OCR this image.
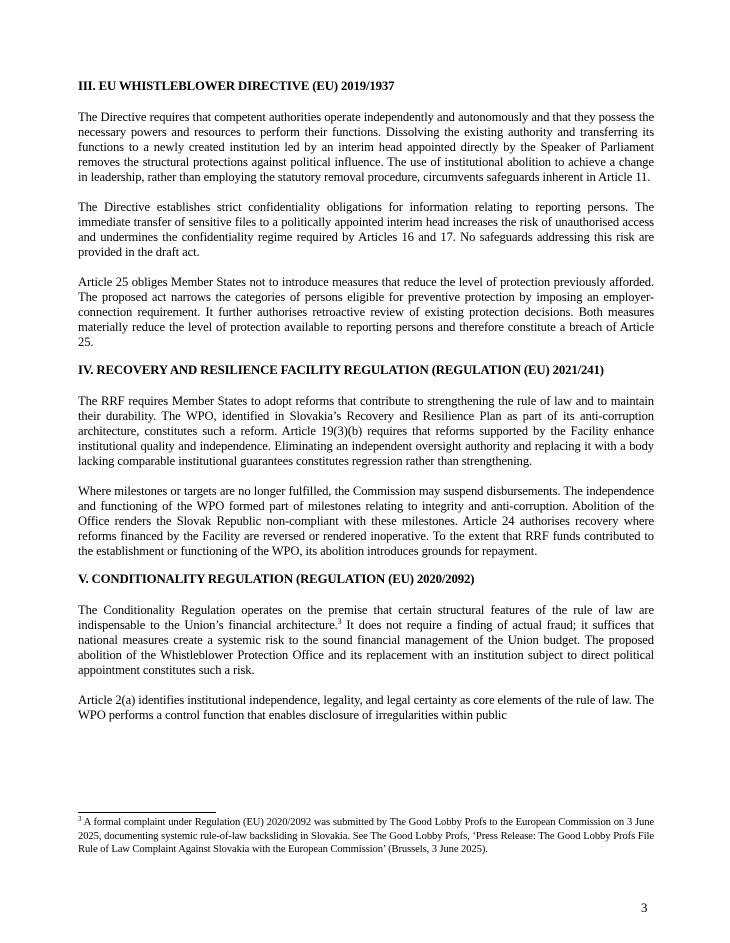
III. EU WHISTLEBLOWER DIRECTIVE (EU) 2019/1937

The Directive requires that competent authorities operate independently and autonomously and that they possess the necessary powers and resources to perform their functions. Dissolving the existing authority and transferring its functions to a newly created institution led by an interim head appointed directly by the Speaker of Parliament removes the structural protections against political influence. The use of institutional abolition to achieve a change in leadership, rather than employing the statutory removal procedure, circumvents safeguards inherent in Article 11.

The Directive establishes strict confidentiality obligations for information relating to reporting persons. The immediate transfer of sensitive files to a politically appointed interim head increases the risk of unauthorised access and undermines the confidentiality regime required by Articles 16 and 17. No safeguards addressing this risk are provided in the draft act.

Article 25 obliges Member States not to introduce measures that reduce the level of protection previously afforded. The proposed act narrows the categories of persons eligible for preventive protection by imposing an employer-connection requirement. It further authorises retroactive review of existing protection decisions. Both measures materially reduce the level of protection available to reporting persons and therefore constitute a breach of Article 25.

IV. RECOVERY AND RESILIENCE FACILITY REGULATION (REGULATION (EU) 2021/241)

The RRF requires Member States to adopt reforms that contribute to strengthening the rule of law and to maintain their durability. The WPO, identified in Slovakia’s Recovery and Resilience Plan as part of its anti-corruption architecture, constitutes such a reform. Article 19(3)(b) requires that reforms supported by the Facility enhance institutional quality and independence. Eliminating an independent oversight authority and replacing it with a body lacking comparable institutional guarantees constitutes regression rather than strengthening.

Where milestones or targets are no longer fulfilled, the Commission may suspend disbursements. The independence and functioning of the WPO formed part of milestones relating to integrity and anti-corruption. Abolition of the Office renders the Slovak Republic non-compliant with these milestones. Article 24 authorises recovery where reforms financed by the Facility are reversed or rendered inoperative. To the extent that RRF funds contributed to the establishment or functioning of the WPO, its abolition introduces grounds for repayment.

V. CONDITIONALITY REGULATION (REGULATION (EU) 2020/2092)

The Conditionality Regulation operates on the premise that certain structural features of the rule of law are indispensable to the Union’s financial architecture.$^3$ It does not require a finding of actual fraud; it suffices that national measures create a systemic risk to the sound financial management of the Union budget. The proposed abolition of the Whistleblower Protection Office and its replacement with an institution subject to direct political appointment constitutes such a risk.

Article 2(a) identifies institutional independence, legality, and legal certainty as core elements of the rule of law. The WPO performs a control function that enables disclosure of irregularities within public

$^3$ A formal complaint under Regulation (EU) 2020/2092 was submitted by The Good Lobby Profs to the European Commission on 3 June 2025, documenting systemic rule-of-law backsliding in Slovakia. See The Good Lobby Profs, ‘Press Release: The Good Lobby Profs File Rule of Law Complaint Against Slovakia with the European Commission’ (Brussels, 3 June 2025).
3
